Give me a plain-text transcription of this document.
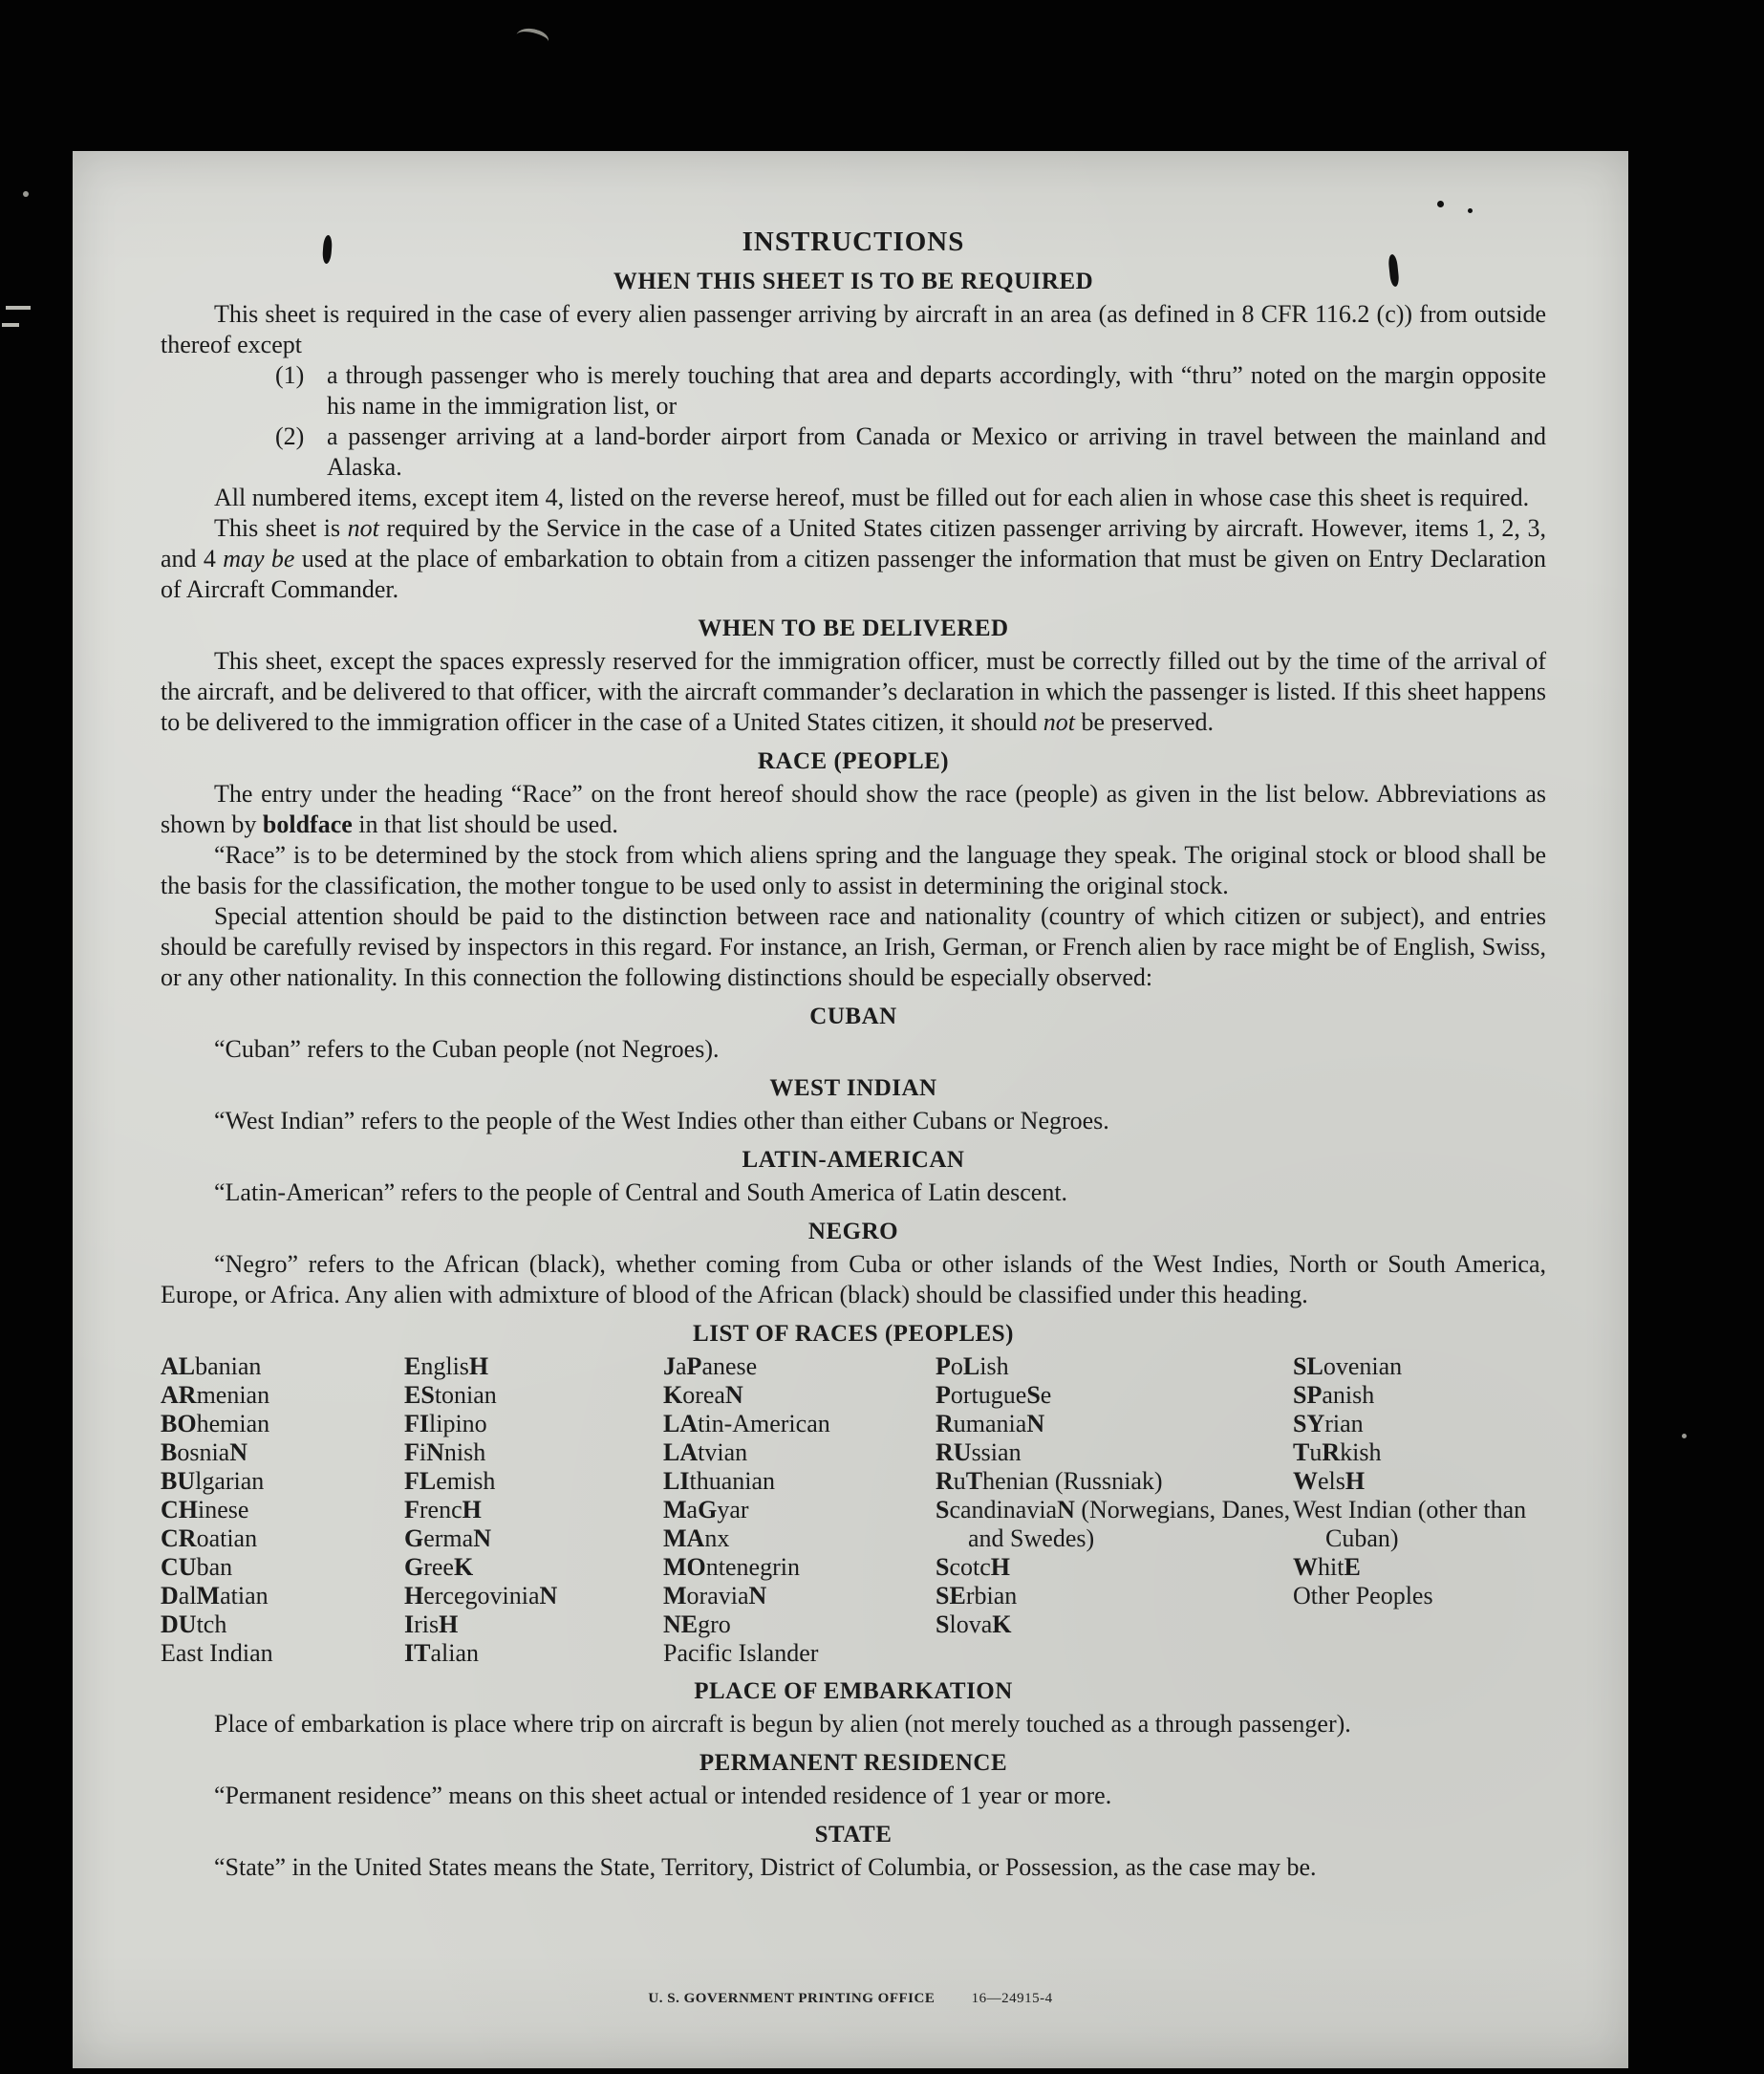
INSTRUCTIONS
WHEN THIS SHEET IS TO BE REQUIRED

This sheet is required in the case of every alien passenger arriving by aircraft in an area (as defined in 8 CFR 116.2 (c)) from outside thereof except

(1) a through passenger who is merely touching that area and departs accordingly, with “thru” noted on the margin opposite his name in the immigration list, or
(2) a passenger arriving at a land-border airport from Canada or Mexico or arriving in travel between the mainland and Alaska.

All numbered items, except item 4, listed on the reverse hereof, must be filled out for each alien in whose case this sheet is required.

This sheet is not required by the Service in the case of a United States citizen passenger arriving by aircraft. However, items 1, 2, 3, and 4 may be used at the place of embarkation to obtain from a citizen passenger the information that must be given on Entry Declaration of Aircraft Commander.

WHEN TO BE DELIVERED

This sheet, except the spaces expressly reserved for the immigration officer, must be correctly filled out by the time of the arrival of the aircraft, and be delivered to that officer, with the aircraft commander’s declaration in which the passenger is listed. If this sheet happens to be delivered to the immigration officer in the case of a United States citizen, it should not be preserved.

RACE (PEOPLE)

The entry under the heading “Race” on the front hereof should show the race (people) as given in the list below. Abbreviations as shown by boldface in that list should be used.

“Race” is to be determined by the stock from which aliens spring and the language they speak. The original stock or blood shall be the basis for the classification, the mother tongue to be used only to assist in determining the original stock.

Special attention should be paid to the distinction between race and nationality (country of which citizen or subject), and entries should be carefully revised by inspectors in this regard. For instance, an Irish, German, or French alien by race might be of English, Swiss, or any other nationality. In this connection the following distinctions should be especially observed:

CUBAN

“Cuban” refers to the Cuban people (not Negroes).

WEST INDIAN

“West Indian” refers to the people of the West Indies other than either Cubans or Negroes.

LATIN-AMERICAN

“Latin-American” refers to the people of Central and South America of Latin descent.

NEGRO

“Negro” refers to the African (black), whether coming from Cuba or other islands of the West Indies, North or South America, Europe, or Africa. Any alien with admixture of blood of the African (black) should be classified under this heading.

LIST OF RACES (PEOPLES)
ALbanian
ARmenian
BOhemian
BosniaN
BUlgarian
CHinese
CRoatian
CUban
DalMatian
DUtch
East Indian
EnglisH
EStonian
FIlipino
FiNnish
FLemish
FrencH
GermaN
GreeK
HercegoviniaN
IrisH
ITalian
JaPanese
KoreaN
LAtin-American
LAtvian
LIthuanian
MaGyar
MAnx
MOntenegrin
MoraviaN
NEgro
Pacific Islander
PoLish
PortugueSe
RumaniaN
RUssian
RuThenian (Russniak)
ScandinaviaN (Norwegians, Danes, and Swedes)
ScotcH
SErbian
SlovaK
SLovenian
SPanish
SYrian
TuRkish
WelsH
West Indian (other than Cuban)
WhitE
Other Peoples
PLACE OF EMBARKATION

Place of embarkation is place where trip on aircraft is begun by alien (not merely touched as a through passenger).

PERMANENT RESIDENCE

“Permanent residence” means on this sheet actual or intended residence of 1 year or more.

STATE

“State” in the United States means the State, Territory, District of Columbia, or Possession, as the case may be.

U. S. GOVERNMENT PRINTING OFFICE	16—24915-4
